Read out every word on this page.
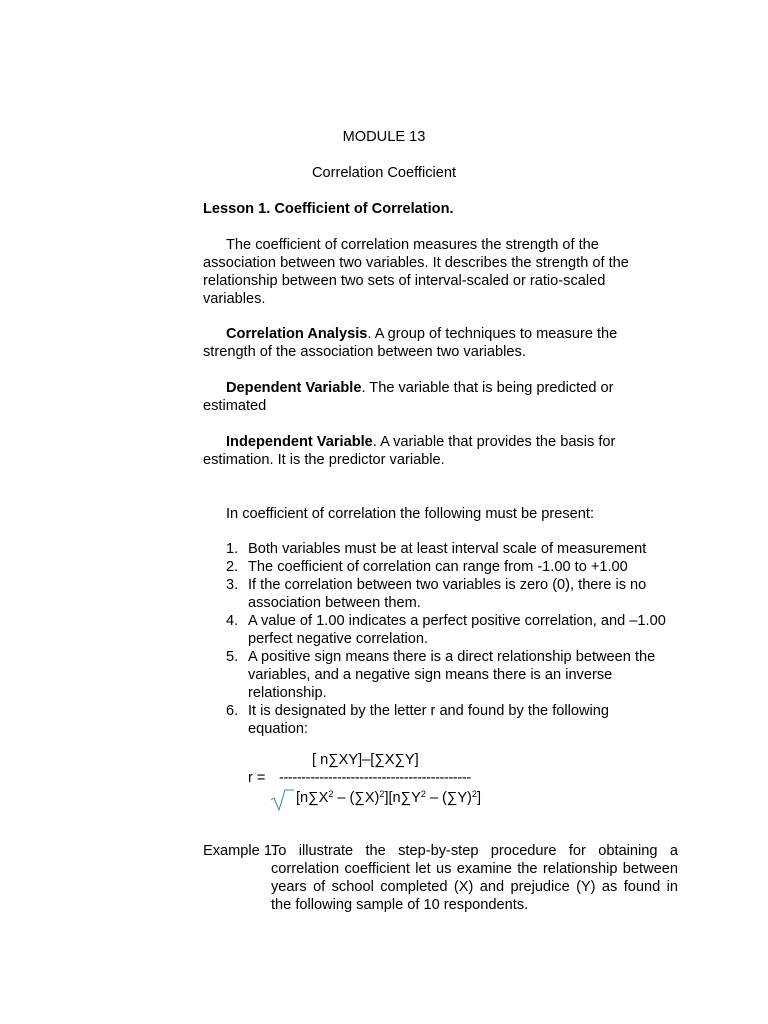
MODULE 13

Correlation Coefficient

Lesson 1. Coefficient of Correlation.

The coefficient of correlation measures the strength of the association between two variables. It describes the strength of the relationship between two sets of interval-scaled or ratio-scaled variables.

Correlation Analysis. A group of techniques to measure the strength of the association between two variables.

Dependent Variable. The variable that is being predicted or estimated

Independent Variable. A variable that provides the basis for estimation. It is the predictor variable.

In coefficient of correlation the following must be present:

1. Both variables must be at least interval scale of measurement
2. The coefficient of correlation can range from -1.00 to +1.00
3. If the correlation between two variables is zero (0), there is no association between them.
4. A value of 1.00 indicates a perfect positive correlation, and –1.00 perfect negative correlation.
5. A positive sign means there is a direct relationship between the variables, and a negative sign means there is an inverse relationship.
6. It is designated by the letter r and found by the following equation:
[ n∑XY]–[∑X∑Y]
r = -------------------------------------------
$[n\sum X^2 - (\sum X)^2][n\sum Y^2 - (\sum Y)^2]$
Example 1.
To illustrate the step-by-step procedure for obtaining a correlation coefficient let us examine the relationship between years of school completed (X) and prejudice (Y) as found in the following sample of 10 respondents.
